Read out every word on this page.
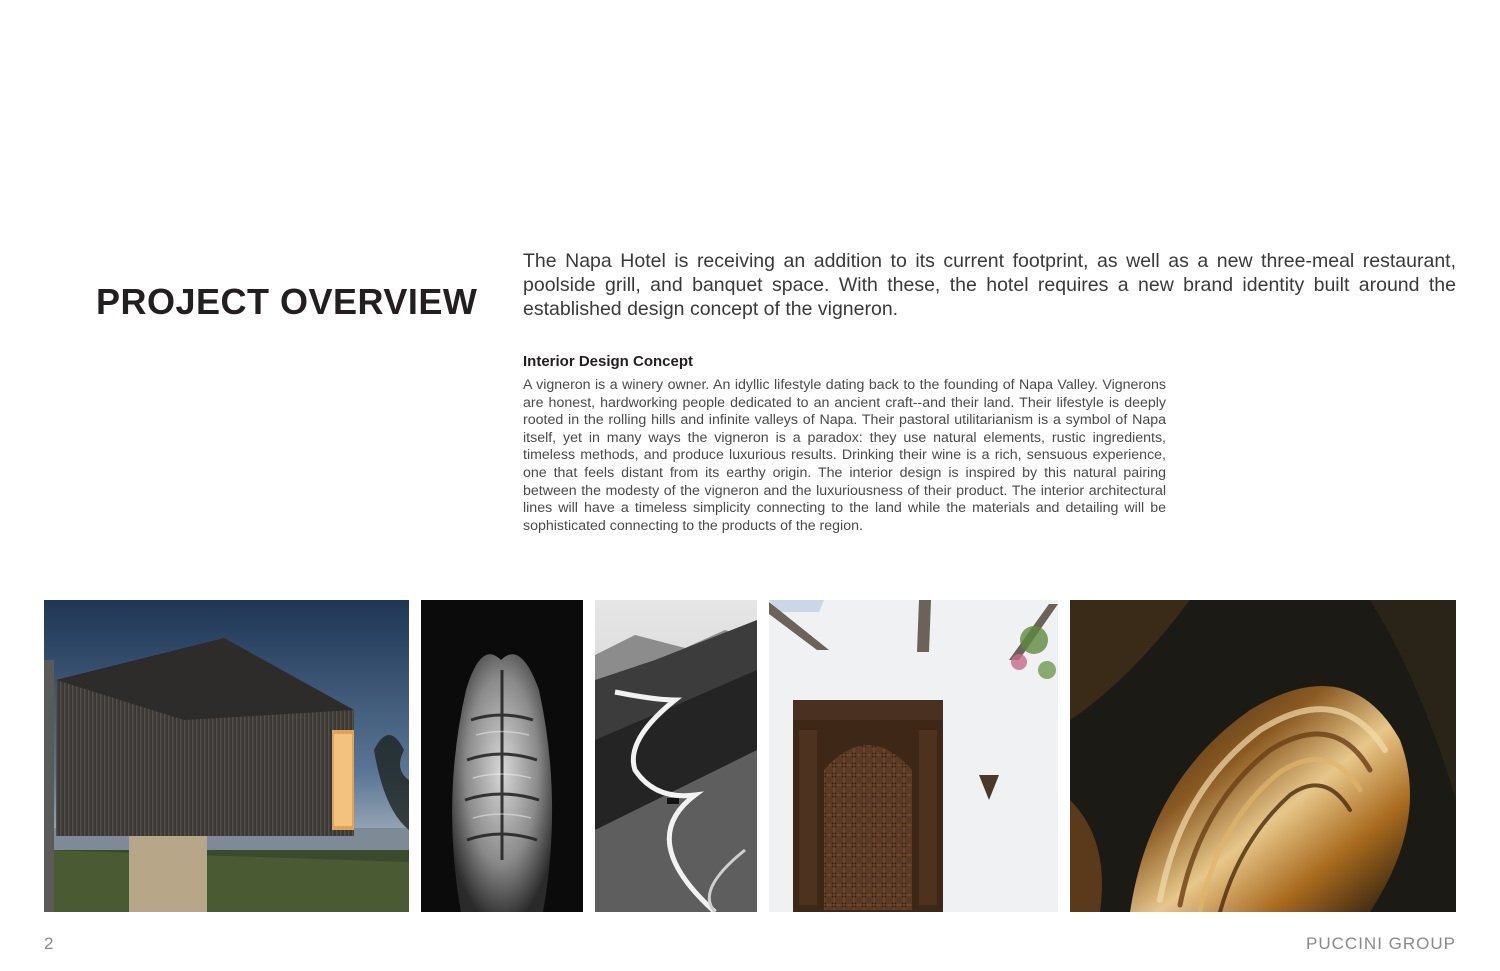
PROJECT OVERVIEW

The Napa Hotel is receiving an addition to its current footprint, as well as a new three-meal restaurant, poolside grill, and banquet space. With these, the hotel requires a new brand identity built around the established design concept of the vigneron.

Interior Design Concept

A vigneron is a winery owner. An idyllic lifestyle dating back to the founding of Napa Valley. Vignerons are honest, hardworking people dedicated to an ancient craft--and their land. Their lifestyle is deeply rooted in the rolling hills and infinite valleys of Napa. Their pastoral utilitarianism is a symbol of Napa itself, yet in many ways the vigneron is a paradox: they use natural elements, rustic ingredients, timeless methods, and produce luxurious results. Drinking their wine is a rich, sensuous experience, one that feels distant from its earthy origin. The interior design is inspired by this natural pairing between the modesty of the vigneron and the luxuriousness of their product. The interior architectural lines will have a timeless simplicity connecting to the land while the materials and detailing will be sophisticated connecting to the products of the region.

2	PUCCINI GROUP
